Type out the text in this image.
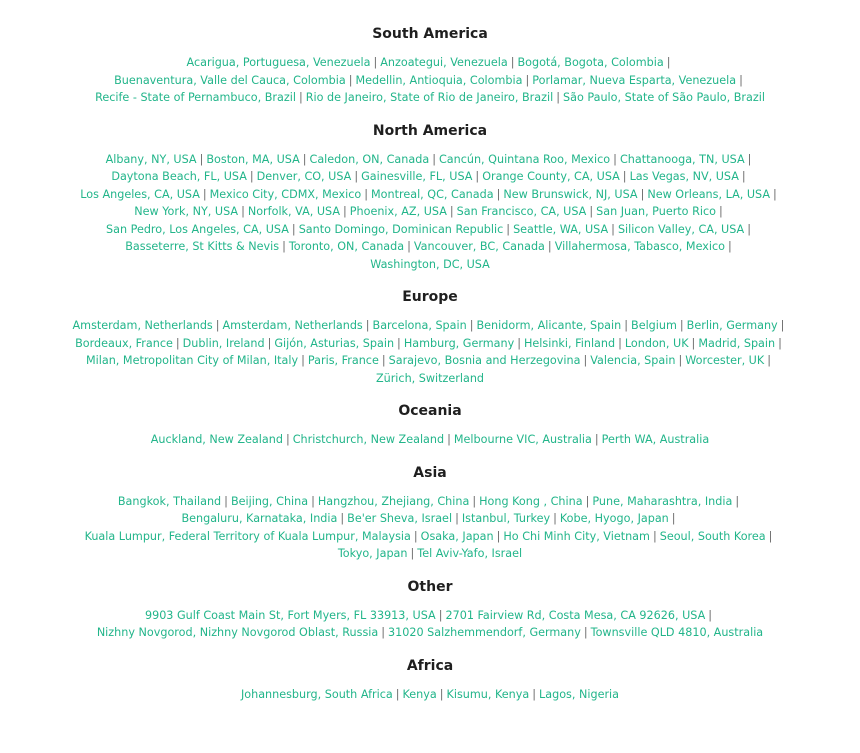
South America
Acarigua, Portuguesa, Venezuela | Anzoategui, Venezuela | Bogotá, Bogota, Colombia |
Buenaventura, Valle del Cauca, Colombia | Medellin, Antioquia, Colombia | Porlamar, Nueva Esparta, Venezuela |
Recife - State of Pernambuco, Brazil | Rio de Janeiro, State of Rio de Janeiro, Brazil | São Paulo, State of São Paulo, Brazil
North America
Albany, NY, USA | Boston, MA, USA | Caledon, ON, Canada | Cancún, Quintana Roo, Mexico | Chattanooga, TN, USA |
Daytona Beach, FL, USA | Denver, CO, USA | Gainesville, FL, USA | Orange County, CA, USA | Las Vegas, NV, USA |
Los Angeles, CA, USA | Mexico City, CDMX, Mexico | Montreal, QC, Canada | New Brunswick, NJ, USA | New Orleans, LA, USA |
New York, NY, USA | Norfolk, VA, USA | Phoenix, AZ, USA | San Francisco, CA, USA | San Juan, Puerto Rico |
San Pedro, Los Angeles, CA, USA | Santo Domingo, Dominican Republic | Seattle, WA, USA | Silicon Valley, CA, USA |
Basseterre, St Kitts & Nevis | Toronto, ON, Canada | Vancouver, BC, Canada | Villahermosa, Tabasco, Mexico |
Washington, DC, USA
Europe
Amsterdam, Netherlands | Amsterdam, Netherlands | Barcelona, Spain | Benidorm, Alicante, Spain | Belgium | Berlin, Germany |
Bordeaux, France | Dublin, Ireland | Gijón, Asturias, Spain | Hamburg, Germany | Helsinki, Finland | London, UK | Madrid, Spain |
Milan, Metropolitan City of Milan, Italy | Paris, France | Sarajevo, Bosnia and Herzegovina | Valencia, Spain | Worcester, UK |
Zürich, Switzerland
Oceania
Auckland, New Zealand | Christchurch, New Zealand | Melbourne VIC, Australia | Perth WA, Australia
Asia
Bangkok, Thailand | Beijing, China | Hangzhou, Zhejiang, China | Hong Kong , China | Pune, Maharashtra, India |
Bengaluru, Karnataka, India | Be'er Sheva, Israel | Istanbul, Turkey | Kobe, Hyogo, Japan |
Kuala Lumpur, Federal Territory of Kuala Lumpur, Malaysia | Osaka, Japan | Ho Chi Minh City, Vietnam | Seoul, South Korea |
Tokyo, Japan | Tel Aviv-Yafo, Israel
Other
9903 Gulf Coast Main St, Fort Myers, FL 33913, USA | 2701 Fairview Rd, Costa Mesa, CA 92626, USA |
Nizhny Novgorod, Nizhny Novgorod Oblast, Russia | 31020 Salzhemmendorf, Germany | Townsville QLD 4810, Australia
Africa
Johannesburg, South Africa | Kenya | Kisumu, Kenya | Lagos, Nigeria
